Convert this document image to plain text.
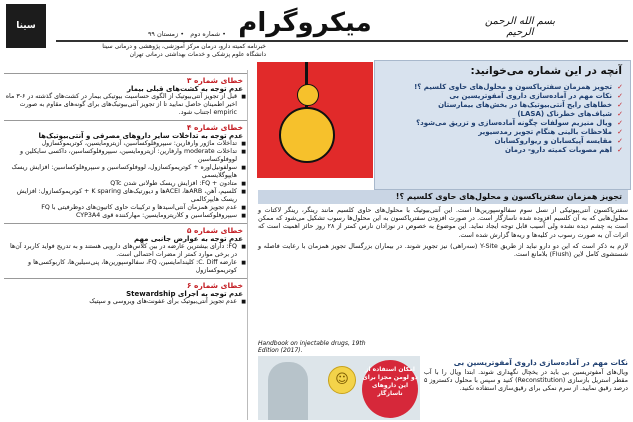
سینا	میکروگرام	بسم الله الرحمن الرحیم
• شماره دوم   • زمستان ۹۹
خبرنامه کمیته دارو، درمان مرکز آموزشی، پژوهشی و درمانی سینا
دانشگاه علوم پزشکی و خدمات بهداشتی درمانی تهران
خطای شماره ۳
عدم توجه به کشت‌های قبلی بیمار
■ قبل از تجویز آنتی‌بیوتیک از الگوی حساسیت بیوتیکی بیمار در کشت‌های گذشته در ۶-۳ ماه اخیر اطمینان حاصل نمایید تا از تجویز آنتی‌بیوتیک‌های برای گونه‌های مقاوم به صورت empiric اجتناب شود.
خطای شماره ۴
عدم توجه به تداخلات سایر داروهای مصرفی و آنتی‌بیوتیک‌ها
■ تداخلات ماژور وارفارین: سیپروفلوکساسین، آزیترومایسین، کوتریموکسازول
■ تداخلات moderate وارفارین: آزیترومایسین، سیپروفلوکساسین، داکسی سایکلین و لووفلوکساسین
■ سولفونیل‌اوره + کوتریموکسازول، لووفلوکساسین و سیپروفلوکساسین: افزایش ریسک هایپوگلایسمی
■ متادون + FQ: افزایش ریسک طولانی شدن QTc
■ کلسیم، آهن، ARBها، ACEIها و دیورتیک‌های K sparing + کوتریموکسازول: افزایش ریسک هایپرکالمی
■ عدم تجویز همزمان آنتی‌اسیدها و ترکیبات حاوی کاتیون‌های دوظرفیتی با FQ
■ سیپروفلوکساسین و کلاریترومایسین: مهارکننده قوی CYP3A4
خطای شماره ۵
عدم توجه به عوارض جانبی مهم
■ FQ: دارای بیشترین عارضه در بین کلاس‌های دارویی هستند و به تدریج فواید کاربرد آن‌ها در برخی موارد کمتر از مضرات احتمالی است.
■ عارضه C. Diff: کلیندامایسین، FQ، سفالوسپورین‌ها، پنی‌سیلین‌ها، کاربوکسی‌ها و کوتریموکسازول
خطای شماره ۶
عدم توجه به اجرای Stewardship
■ عدم تجویز آنتی‌بیوتیک برای عفونت‌های ویروسی و سپتیک
آنچه در این شماره می‌خوانید:
✓ تجویز همزمان سفتریاکسون و محلول‌های حاوی کلسیم ؟!
✓ نکات مهم در آماده‌سازی داروی آمفوتریسین بی
✓ خطاهای رایج آنتی‌بیوتیک‌ها در بخش‌های بیمارستان
✓ شیاف‌های خطرناک (LASA)
✓ ویال منیزیم سولفات چگونه آماده‌سازی و تزریق می‌شود؟
✓ ملاحظات بالینی هنگام تجویز رمدسیویر
✓ مقایسه آپیکسابان و ریواروکسابان
✓ اهم مصوبات کمیته دارو- درمان
تجویز همزمان سفتریاکسون و محلول‌های حاوی کلسیم ؟!

سفتریاکسون آنتی‌بیوتیکی از نسل سوم سفالوسپورین‌ها است. این آنتی‌بیوتیک با محلول‌های حاوی کلسیم مانند رینگر، رینگر لاکتات و محلول‌هایی که به آن کلسیم افزوده شده ناسازگار است. در صورت افزودن سفتریاکسون به این محلول‌ها رسوب تشکیل می‌شود که ممکن است به چشم دیده نشده ولی آسیب قابل توجه ایجاد نماید. این موضوع به خصوص در نوزادان نارس کمتر از ۲۸ روز حائز اهمیت است که اثرات آن به صورت رسوب در کلیه‌ها و ریه‌ها گزارش شده است.

لازم به ذکر است که این دو دارو نباید از طریق Y-Site (سه‌راهی) نیز تجویز شوند. در بیماران بزرگسال تجویز همزمان با رعایت فاصله و شستشوی کامل لاین (Flush) بلامانع است.

Handbook on injectable drugs, 19th Edition (2017).
☺
امکان استفاده از دو لومن مجزا برای این داروهای ناسازگار
نکات مهم در آماده‌سازی داروی آمفوتریسین بی
ویال‌های آمفوتریسین بی باید در یخچال نگهداری شوند. ابتدا ویال را با آب مقطر استریل بازسازی (Reconstitution) کنید و سپس با محلول دکستروز ۵ درصد رقیق نمایید. از سرم نمکی برای رقیق‌سازی استفاده نکنید.
